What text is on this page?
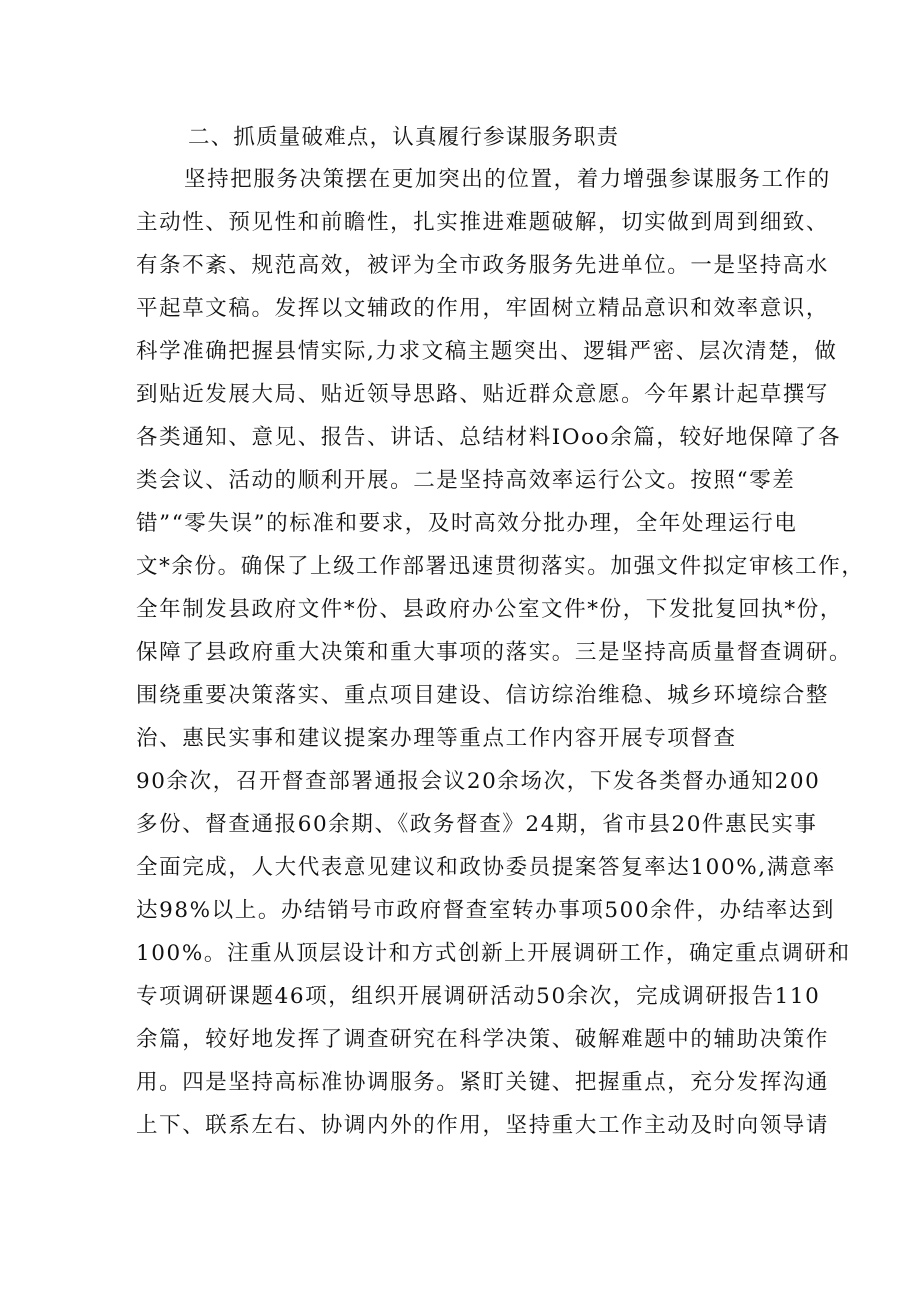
二、抓质量破难点，认真履行参谋服务职责
坚持把服务决策摆在更加突出的位置，着力增强参谋服务工作的
主动性、预见性和前瞻性，扎实推进难题破解，切实做到周到细致、
有条不紊、规范高效，被评为全市政务服务先进单位。一是坚持高水
平起草文稿。发挥以文辅政的作用，牢固树立精品意识和效率意识，
科学准确把握县情实际,力求文稿主题突出、逻辑严密、层次清楚，做
到贴近发展大局、贴近领导思路、贴近群众意愿。今年累计起草撰写
各类通知、意见、报告、讲话、总结材料IOoo余篇，较好地保障了各
类会议、活动的顺利开展。二是坚持高效率运行公文。按照“零差
错”“零失误”的标准和要求，及时高效分批办理，全年处理运行电
文*余份。确保了上级工作部署迅速贯彻落实。加强文件拟定审核工作，
全年制发县政府文件*份、县政府办公室文件*份，下发批复回执*份，
保障了县政府重大决策和重大事项的落实。三是坚持高质量督查调研。
围绕重要决策落实、重点项目建设、信访综治维稳、城乡环境综合整
治、惠民实事和建议提案办理等重点工作内容开展专项督查
90余次，召开督查部署通报会议20余场次，下发各类督办通知200
多份、督查通报60余期、《政务督查》24期，省市县20件惠民实事
全面完成，人大代表意见建议和政协委员提案答复率达100%,满意率
达98%以上。办结销号市政府督查室转办事项500余件，办结率达到
100%。注重从顶层设计和方式创新上开展调研工作，确定重点调研和
专项调研课题46项，组织开展调研活动50余次，完成调研报告110
余篇，较好地发挥了调查研究在科学决策、破解难题中的辅助决策作
用。四是坚持高标准协调服务。紧盯关键、把握重点，充分发挥沟通
上下、联系左右、协调内外的作用，坚持重大工作主动及时向领导请
